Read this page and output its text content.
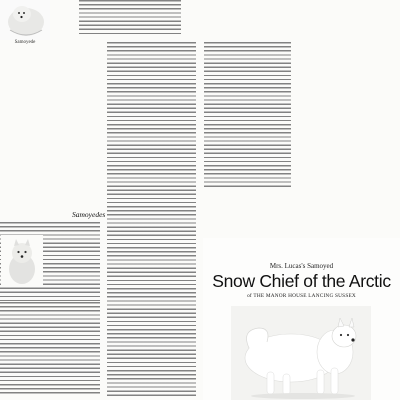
Samoyede
Samoyedes
Mrs. Lucas's Samoyed
Snow Chief of the Arctic
of THE MANOR HOUSE LANCING SUSSEX
